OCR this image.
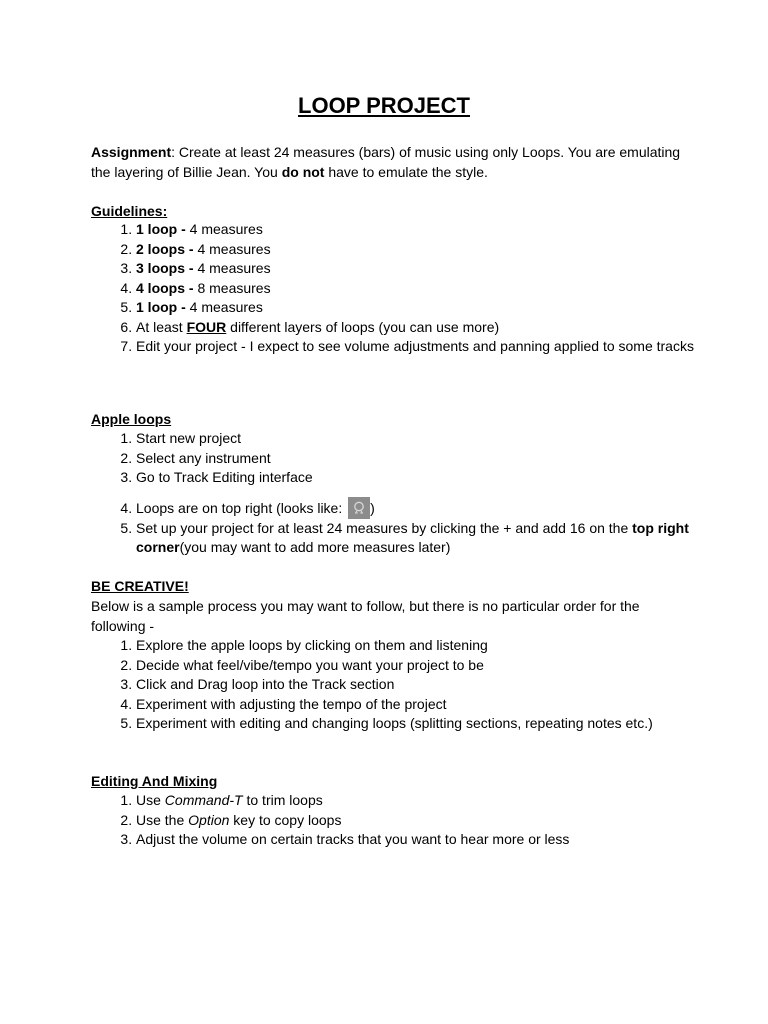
LOOP PROJECT

Assignment: Create at least 24 measures (bars) of music using only Loops. You are emulating the layering of Billie Jean. You do not have to emulate the style.

Guidelines:
1. 1 loop - 4 measures
2. 2 loops - 4 measures
3. 3 loops - 4 measures
4. 4 loops - 8 measures
5. 1 loop - 4 measures
6. At least FOUR different layers of loops (you can use more)
7. Edit your project - I expect to see volume adjustments and panning applied to some tracks
Apple loops
1. Start new project
2. Select any instrument
3. Go to Track Editing interface
4. Loops are on top right (looks like:
)
5. Set up your project for at least 24 measures by clicking the + and add 16 on the top right corner(you may want to add more measures later)
BE CREATIVE!

Below is a sample process you may want to follow, but there is no particular order for the following -

1. Explore the apple loops by clicking on them and listening
2. Decide what feel/vibe/tempo you want your project to be
3. Click and Drag loop into the Track section
4. Experiment with adjusting the tempo of the project
5. Experiment with editing and changing loops (splitting sections, repeating notes etc.)
Editing And Mixing
1. Use Command-T to trim loops
2. Use the Option key to copy loops
3. Adjust the volume on certain tracks that you want to hear more or less
